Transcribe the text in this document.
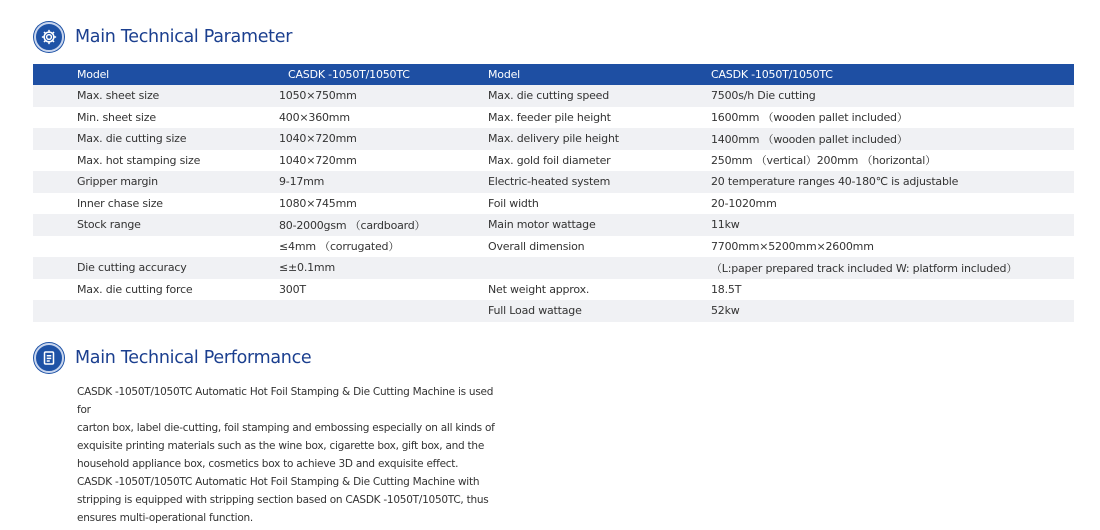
Main Technical Parameter
Model	CASDK -1050T/1050TC	Model	CASDK -1050T/1050TC
Max. sheet size	1050×750mm	Max. die cutting speed	7500s/h Die cutting
Min. sheet size	400×360mm	Max. feeder pile height	1600mm （wooden pallet included）
Max. die cutting size	1040×720mm	Max. delivery pile height	1400mm （wooden pallet included）
Max. hot stamping size	1040×720mm	Max. gold foil diameter	250mm （vertical）200mm （horizontal）
Gripper margin	9-17mm	Electric-heated system	20 temperature ranges 40-180℃ is adjustable
Inner chase size	1080×745mm	Foil width	20-1020mm
Stock range	80-2000gsm （cardboard）	Main motor wattage	11kw
	≤4mm （corrugated）	Overall dimension	7700mm×5200mm×2600mm
Die cutting accuracy	≤±0.1mm		（L:paper prepared track included W: platform included）
Max. die cutting force	300T	Net weight approx.	18.5T
		Full Load wattage	52kw
Main Technical Performance

CASDK -1050T/1050TC Automatic Hot Foil Stamping & Die Cutting Machine is used for

carton box, label die-cutting, foil stamping and embossing especially on all kinds of

exquisite printing materials such as the wine box, cigarette box, gift box, and the

household appliance box, cosmetics box to achieve 3D and exquisite effect.

CASDK -1050T/1050TC Automatic Hot Foil Stamping & Die Cutting Machine with

stripping is equipped with stripping section based on CASDK -1050T/1050TC, thus

ensures multi-operational function.
